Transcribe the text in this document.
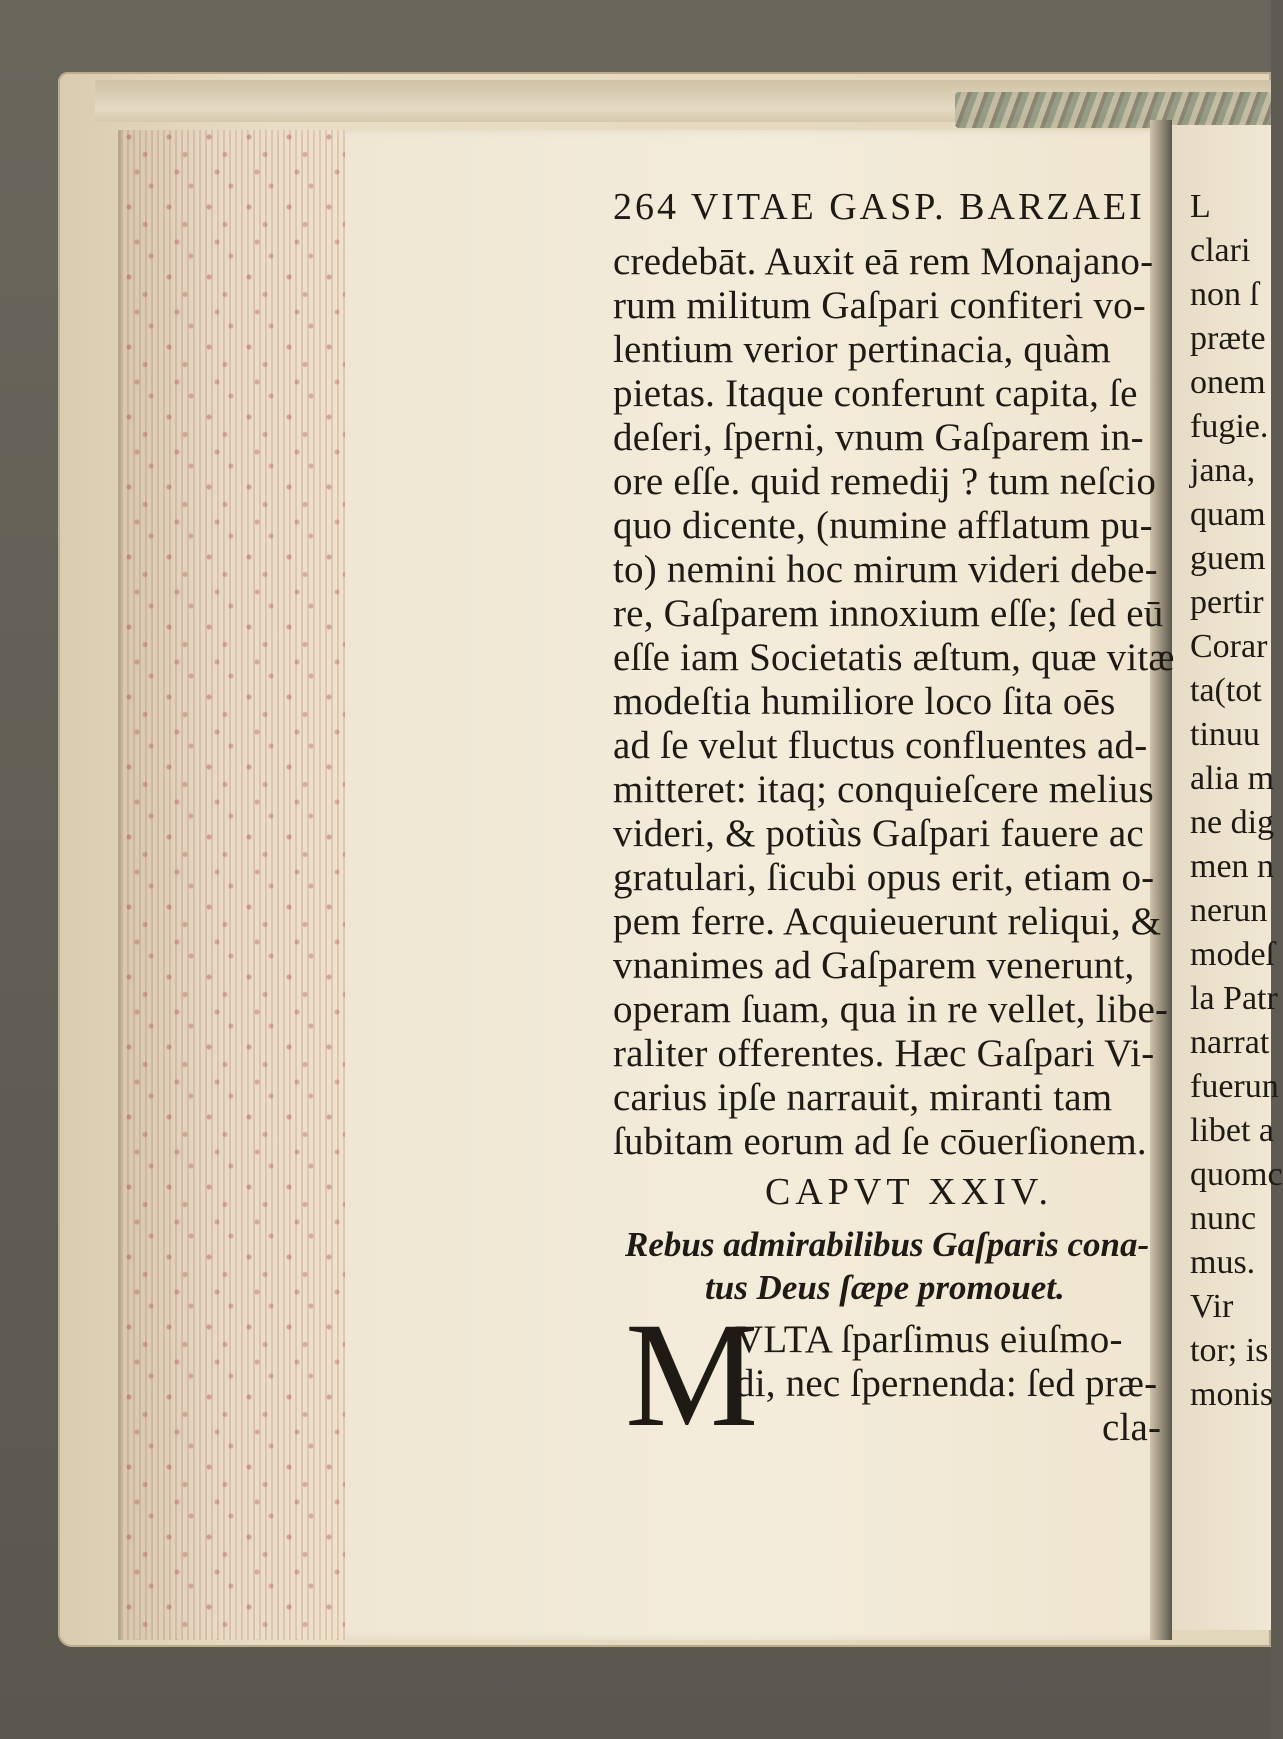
264 VITAE GASP. BARZAEI
credebāt. Auxit eā rem Monajano-
rum militum Gaſpari confiteri vo-
lentium verior pertinacia, quàm
pietas. Itaque conferunt capita, ſe
deſeri, ſperni, vnum Gaſparem in-
ore eſſe. quid remedij ? tum neſcio
quo dicente, (numine afflatum pu-
to) nemini hoc mirum videri debe-
re, Gaſparem innoxium eſſe; ſed eū
eſſe iam Societatis æſtum, quæ vitæ
modeſtia humiliore loco ſita oēs
ad ſe velut fluctus confluentes ad-
mitteret: itaq; conquieſcere melius
videri, & potiùs Gaſpari fauere ac
gratulari, ſicubi opus erit, etiam o-
pem ferre. Acquieuerunt reliqui, &
vnanimes ad Gaſparem venerunt,
operam ſuam, qua in re vellet, libe-
raliter offerentes. Hæc Gaſpari Vi-
carius ipſe narrauit, miranti tam
ſubitam eorum ad ſe cōuerſionem.
CAPVT XXIV.
Rebus admirabilibus Gaſparis cona-
tus Deus ſæpe promouet.
M
VLTA ſparſimus eiuſmo-
di, nec ſpernenda: ſed præ-
cla-
L
clari
non ſ
præte
onem
fugie.
jana,
quam
guem
pertir
Corar
ta(tot
tinuu
alia m
ne dig
men n
nerun
modeſ
la Patr
narrat
fuerun
libet a
quomc
nunc
mus.
Vir
tor; is
monis
